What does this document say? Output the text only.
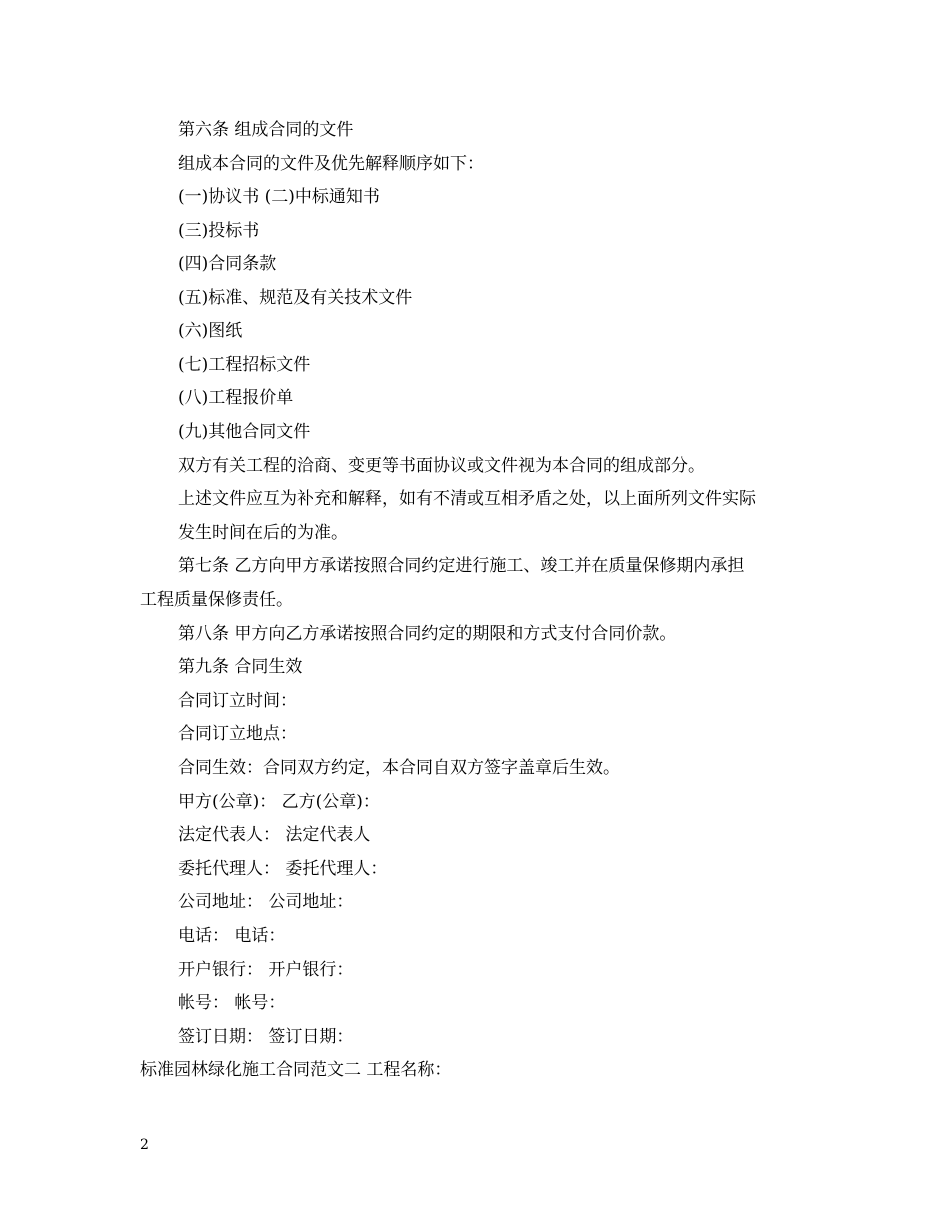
第六条 组成合同的文件
组成本合同的文件及优先解释顺序如下：
(一)协议书 (二)中标通知书
(三)投标书
(四)合同条款
(五)标准、规范及有关技术文件
(六)图纸
(七)工程招标文件
(八)工程报价单
(九)其他合同文件
双方有关工程的洽商、变更等书面协议或文件视为本合同的组成部分。
上述文件应互为补充和解释，如有不清或互相矛盾之处，以上面所列文件实际
发生时间在后的为准。
第七条 乙方向甲方承诺按照合同约定进行施工、竣工并在质量保修期内承担
工程质量保修责任。
第八条 甲方向乙方承诺按照合同约定的期限和方式支付合同价款。
第九条 合同生效
合同订立时间：
合同订立地点：
合同生效：合同双方约定，本合同自双方签字盖章后生效。
甲方(公章)： 乙方(公章)：
法定代表人： 法定代表人
委托代理人： 委托代理人：
公司地址： 公司地址：
电话： 电话：
开户银行： 开户银行：
帐号： 帐号：
签订日期： 签订日期：
标准园林绿化施工合同范文二 工程名称：
2
